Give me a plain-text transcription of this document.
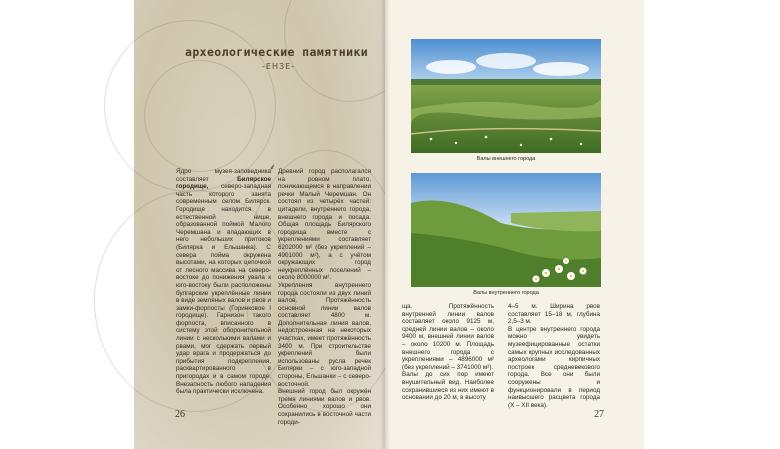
археологические памятники
-ЕНЗЕ-
⸙

Ядро музея-заповедника составляет Билярское городище, северо-западная часть которого занята современным селом Билярск. Городище находится в естественной нише, образованной поймой Малого Черемшана и впадающих в него небольших притоков (Билярка и Ельшанка). С севера пойма окружена высотами, на которых цепочкой от лесного массива на северо-востоке до понижения увала к юго-востоку были расположены булгарские укреплённые линии в виде земляных валов и рвов и замки-форпосты (Горинковое I городище). Гарнизон такого форпоста, вписанного в систему этой оборонительной линии с несколькими валами и рвами, мог сдержать первый удар врага и продержаться до прибытия подкрепления, расквартированного в пригородах и в самом городе. Внезапность любого нападения была практически исключена.

Древний город располагался на ровном плато, понижающемся в направлении речки Малый Черемшан. Он состоял из четырёх частей: цитадели, внутреннего города, внешнего города и посада. Общая площадь Билярского городища вместе с укреплениями составляет 6202000 м² (без укреплений – 4901000 м²), а с учётом окружающих город неукреплённых поселений – около 8000000 м².
Укрепления внутреннего города состояли из двух линий валов. Протяжённость основной линии валов составляет 4800 м. Дополнительная линия валов, недостроенная на некоторых участках, имеет протяжённость 3400 м. При строительстве укреплений были использованы русла речек Билярки – с юго-западной стороны, Ельшанки – с северо-восточной.
Внешний город был окружён тремя линиями валов и рвов. Особенно хорошо они сохранились в восточной части городи-

Валы внешнего города
Валы внутреннего города

ща. Протяжённость внутренней линии валов составляет около 9125 м, средней линии валов – около 9400 м, внешней линии валов – около 10200 м. Площадь внешнего города с укреплениями – 4896000 м² (без укреплений – 3741000 м²).
Валы до сих пор имеют внушительный вид. Наиболее сохранившиеся из них имеют в основании до 20 м, в высоту

4–5 м. Ширина рвов составляет 15–18 м, глубина 2,5–3 м.
В центре внутреннего города можно увидеть музеефицированные остатки самых крупных исследованных археологами кирпичных построек средневекового города. Все они были сооружены и функционировали в период наивысшего расцвета города (X – XII века).

26	27
